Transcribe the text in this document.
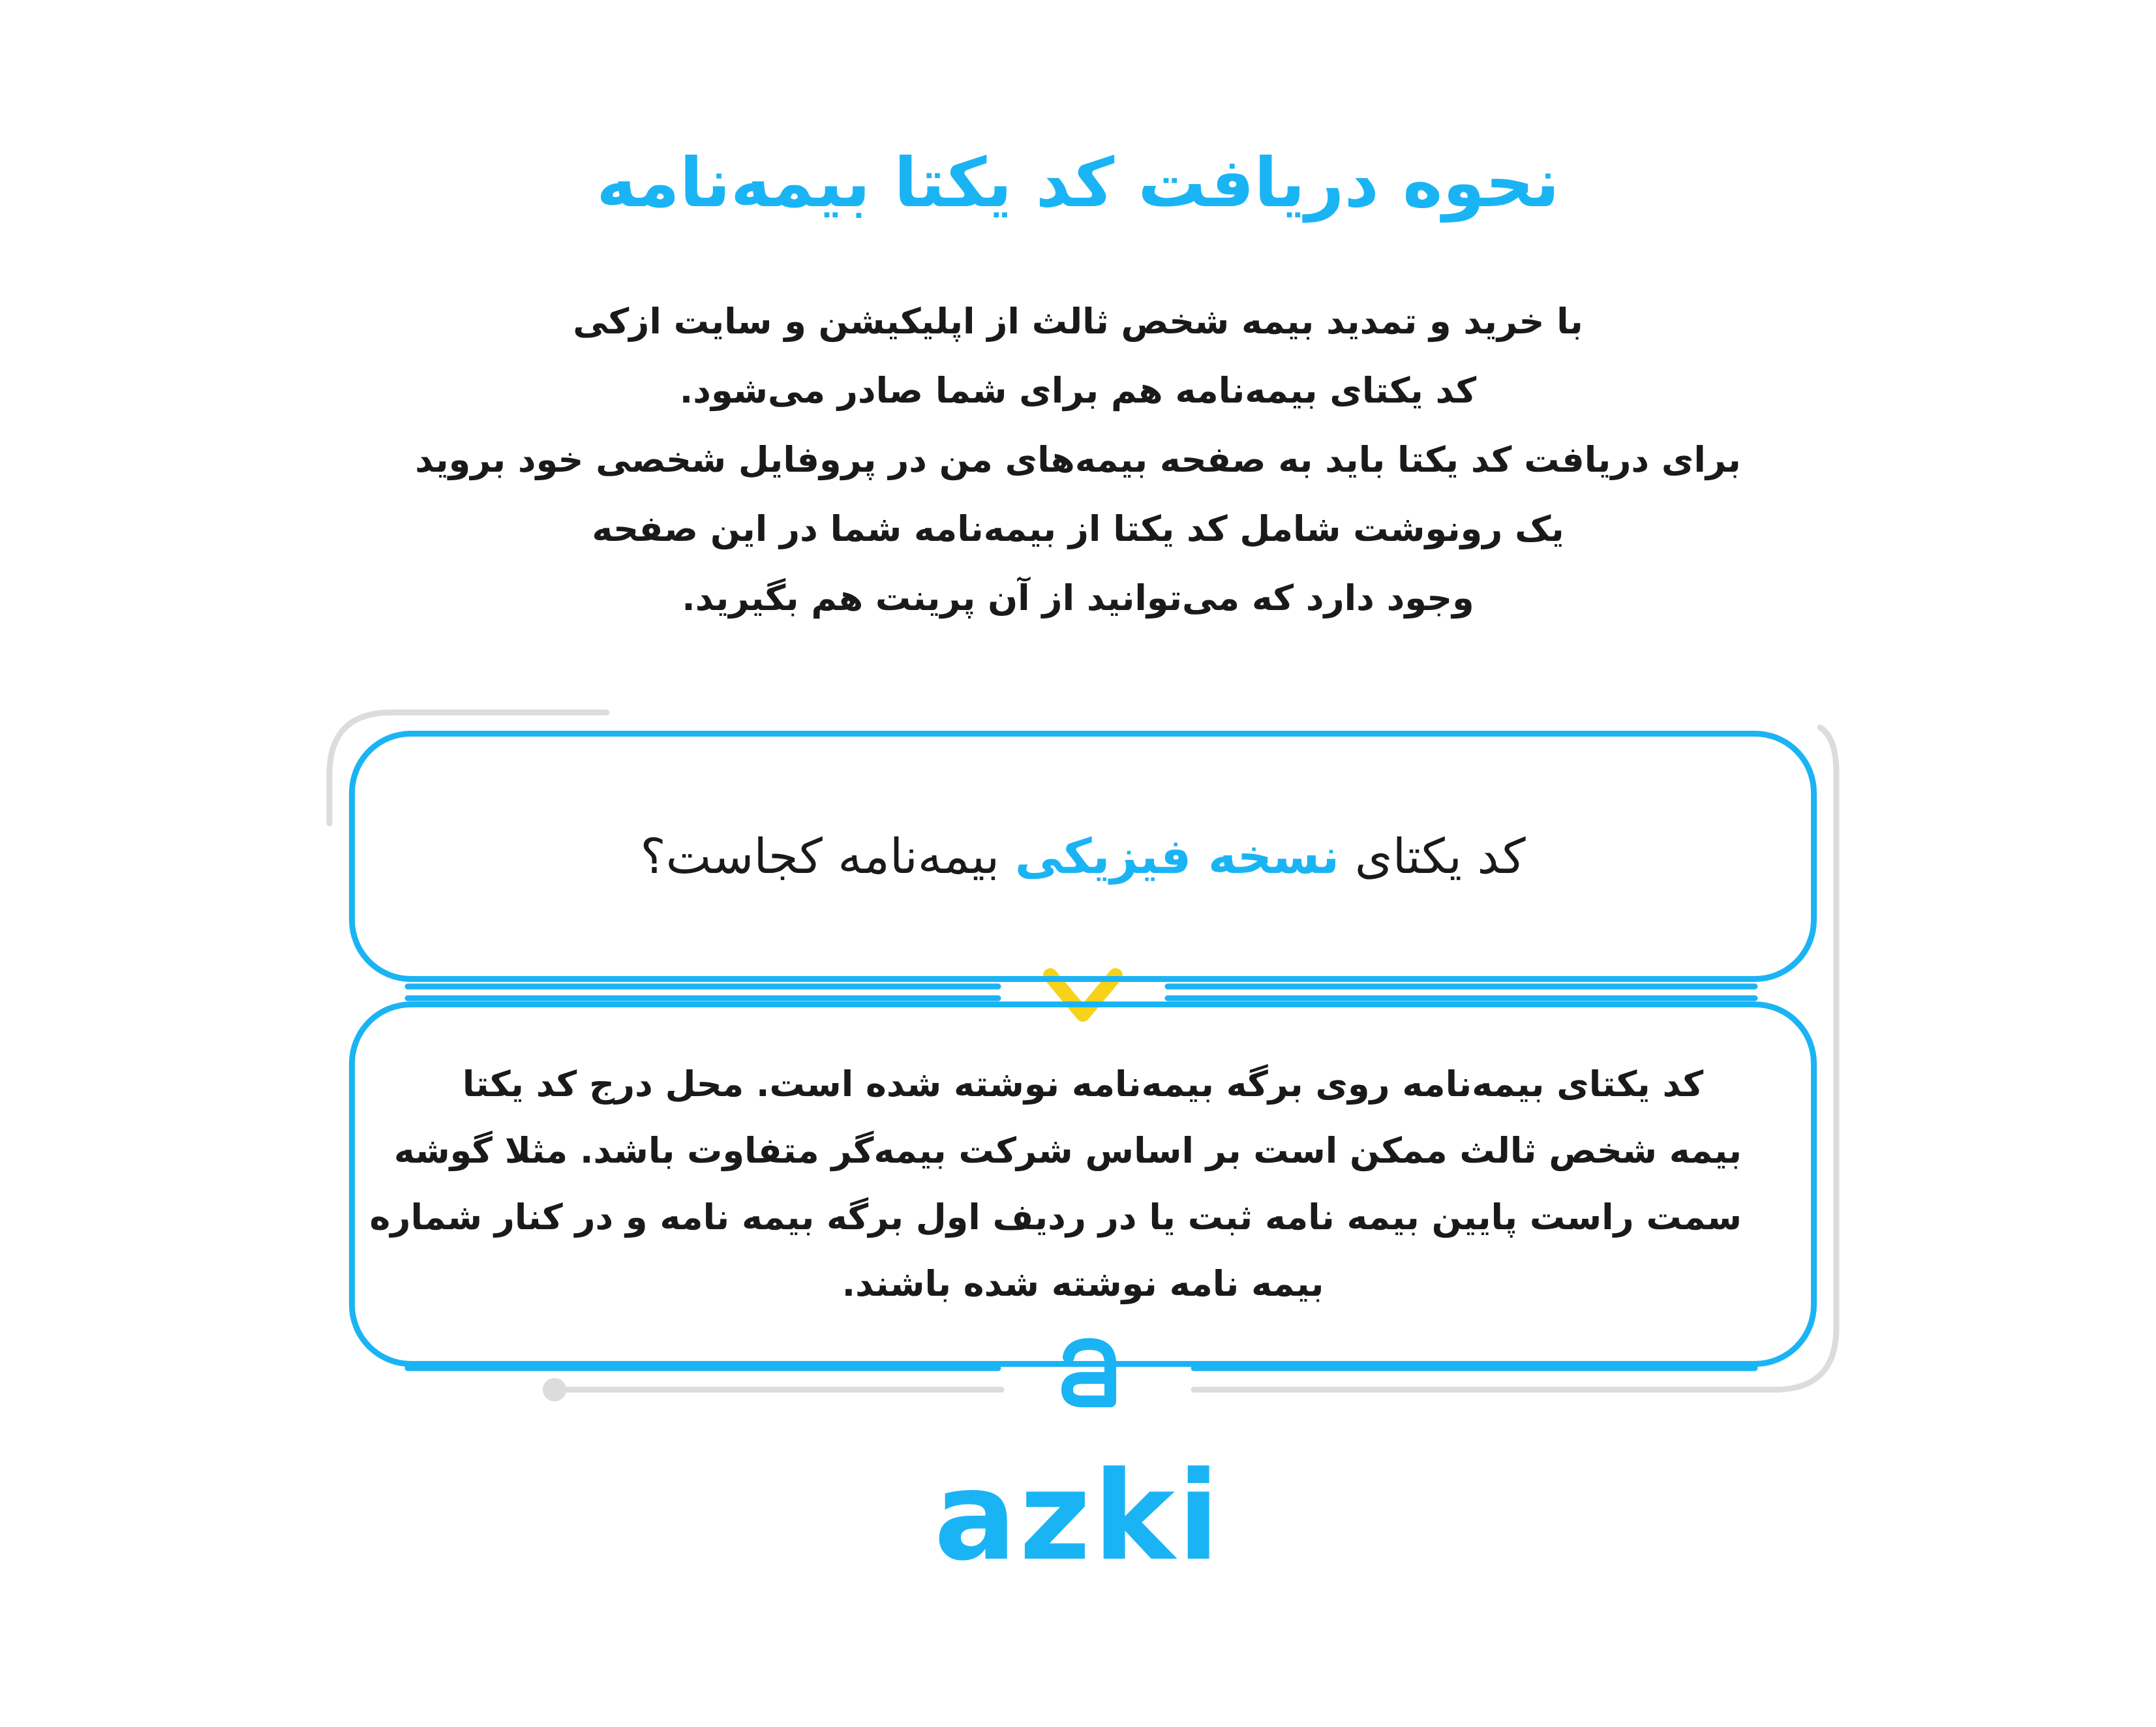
نحوه دریافت کد یکتا بیمه‌نامه
با خرید و تمدید بیمه شخص ثالث از اپلیکیشن و سایت ازکی
کد یکتای بیمه‌نامه هم برای شما صادر می‌شود.
برای دریافت کد یکتا باید به صفحه بیمه‌های من در پروفایل شخصی خود بروید
یک رونوشت شامل کد یکتا از بیمه‌نامه شما در این صفحه
وجود دارد که می‌توانید از آن پرینت هم بگیرید.
کد یکتای نسخه فیزیکی بیمه‌نامه کجاست؟
کد یکتای بیمه‌نامه روی برگه بیمه‌نامه نوشته شده است. محل درج کد یکتا
بیمه شخص ثالث ممکن است بر اساس شرکت بیمه‌گر متفاوت باشد. مثلا گوشه
سمت راست پایین بیمه نامه ثبت یا در ردیف اول برگه بیمه نامه و در کنار شماره
بیمه نامه نوشته شده باشند.
azki
